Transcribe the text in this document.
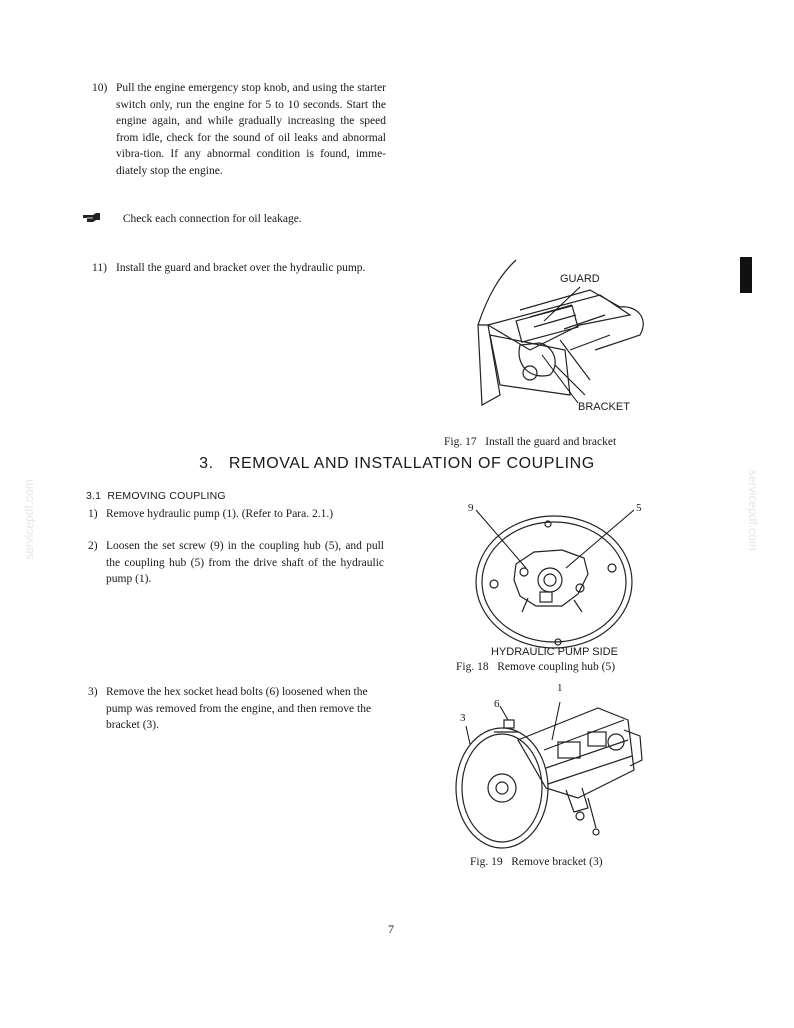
10) Pull the engine emergency stop knob, and using the starter switch only, run the engine for 5 to 10 seconds. Start the engine again, and while gradually increasing the speed from idle, check for the sound of oil leaks and abnormal vibra-tion. If any abnormal condition is found, imme-diately stop the engine.
Check each connection for oil leakage.
11) Install the guard and bracket over the hydraulic pump.
GUARD
BRACKET
Fig. 17   Install the guard and bracket
3.   REMOVAL AND INSTALLATION OF COUPLING
3.1  REMOVING COUPLING
1) Remove hydraulic pump (1). (Refer to Para. 2.1.)
2) Loosen the set screw (9) in the coupling hub (5), and pull the coupling hub (5) from the drive shaft of the hydraulic pump (1).
3) Remove the hex socket head bolts (6) loosened when the pump was removed from the engine, and then remove the bracket (3).
9	5
HYDRAULIC PUMP SIDE
Fig. 18   Remove coupling hub (5)
1
6
3
Fig. 19   Remove bracket (3)
7
servicepdf.com	servicepdf.com
